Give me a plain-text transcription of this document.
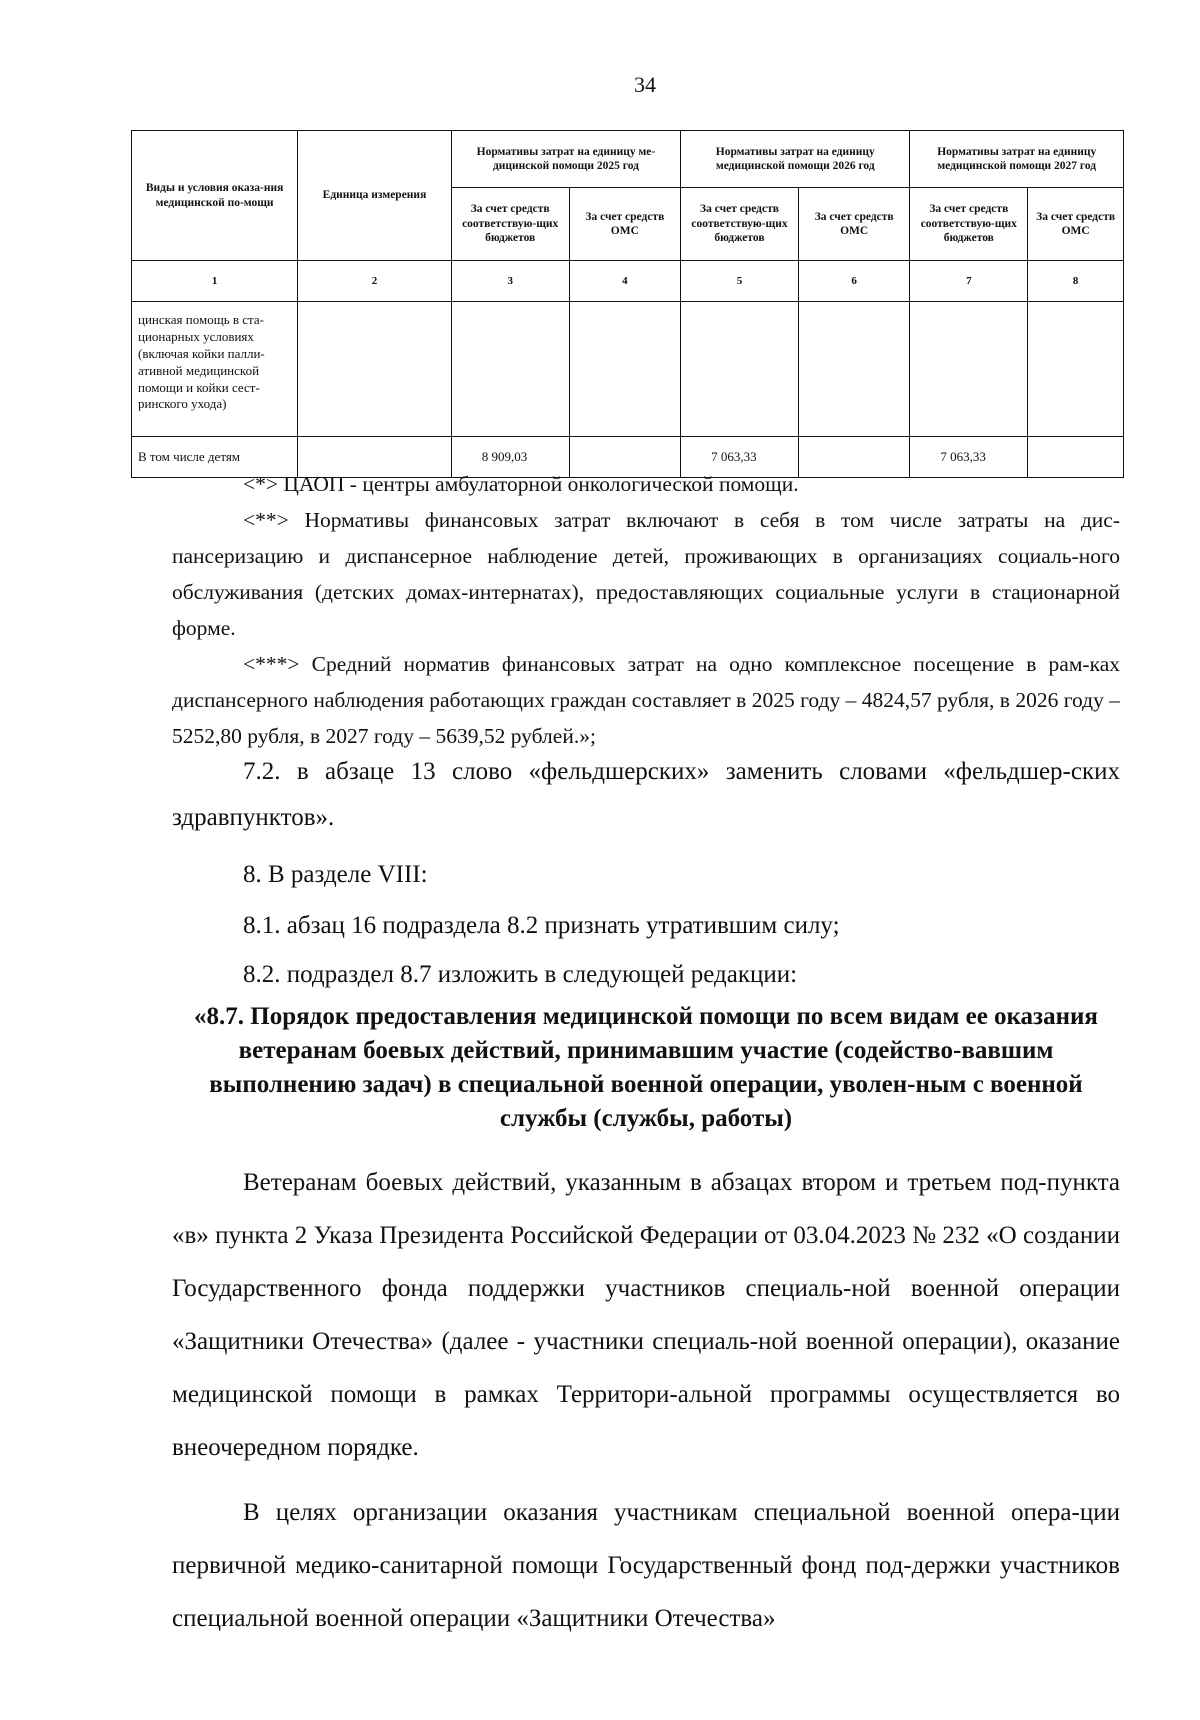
34
Виды и условия оказа-ния медицинской по-мощи	Единица измерения	Нормативы затрат на единицу ме-дицинской помощи 2025 год		Нормативы затрат на единицу медицинской помощи 2026 год		Нормативы затрат на единицу медицинской помощи 2027 год	
		За счет средств соответствую-щих бюджетов	За счет средств ОМС	За счет средств соответствую-щих бюджетов	За счет средств ОМС	За счет средств соответствую-щих бюджетов	За счет средств ОМС
1	2	3	4	5	6	7	8
цинская помощь в ста-ционарных условиях (включая койки палли-ативной медицинской помощи и койки сест-ринского ухода)							
В том числе детям		8 909,03		7 063,33		7 063,33	

<*> ЦАОП - центры амбулаторной онкологической помощи.

<**> Нормативы финансовых затрат включают в себя в том числе затраты на дис-пансеризацию и диспансерное наблюдение детей, проживающих в организациях социаль-ного обслуживания (детских домах-интернатах), предоставляющих социальные услуги в стационарной форме.

<***> Средний норматив финансовых затрат на одно комплексное посещение в рам-ках диспансерного наблюдения работающих граждан составляет в 2025 году – 4824,57 рубля, в 2026 году – 5252,80 рубля, в 2027 году – 5639,52 рублей.»;

7.2. в абзаце 13 слово «фельдшерских» заменить словами «фельдшер-ских здравпунктов».

8. В разделе VIII:

8.1. абзац 16 подраздела 8.2 признать утратившим силу;

8.2. подраздел 8.7 изложить в следующей редакции:

«8.7. Порядок предоставления медицинской помощи по всем видам ее оказания ветеранам боевых действий, принимавшим участие (содейство-вавшим выполнению задач) в специальной военной операции, уволен-ным с военной службы (службы, работы)

Ветеранам боевых действий, указанным в абзацах втором и третьем под-пункта «в» пункта 2 Указа Президента Российской Федерации от 03.04.2023 № 232 «О создании Государственного фонда поддержки участников специаль-ной военной операции «Защитники Отечества» (далее - участники специаль-ной военной операции), оказание медицинской помощи в рамках Территори-альной программы осуществляется во внеочередном порядке.

В целях организации оказания участникам специальной военной опера-ции первичной медико-санитарной помощи Государственный фонд под-держки участников специальной военной операции «Защитники Отечества»
